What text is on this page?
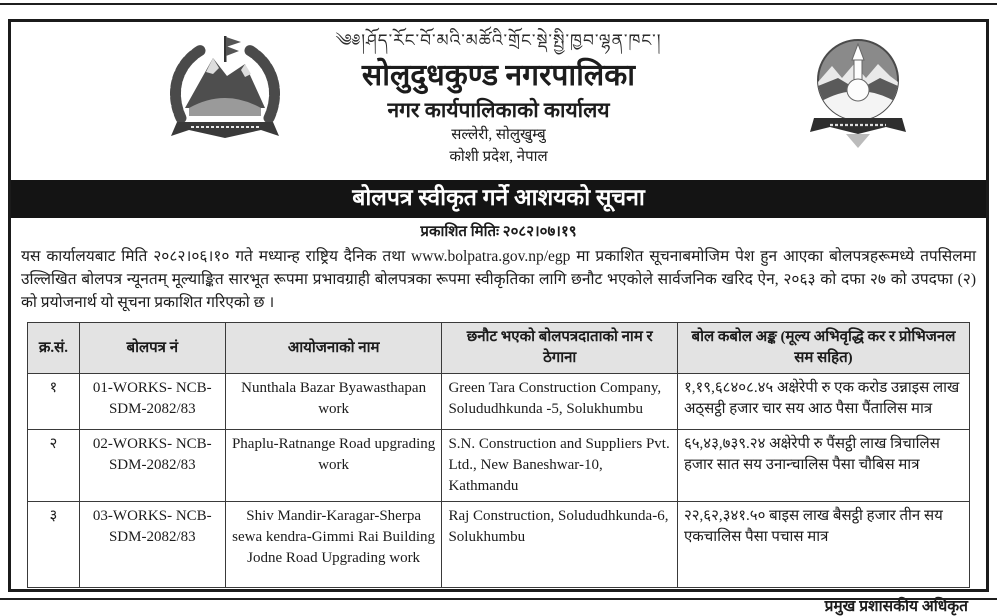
༄༅།ཤོད་རོང་བོ་མའི་མཚོའི་གྲོང་སྡེ་སྤྱི་ཁྱབ་ལྷན་ཁང་།
सोलुदुधकुण्ड नगरपालिका
नगर कार्यपालिकाको कार्यालय
सल्लेरी, सोलुखुम्बु
कोशी प्रदेश, नेपाल
बोलपत्र स्वीकृत गर्ने आशयको सूचना
प्रकाशित मितिः २०८२।०७।१९
यस कार्यालयबाट मिति २०८२।०६।१० गते मध्यान्ह राष्ट्रिय दैनिक तथा www.bolpatra.gov.np/egp मा प्रकाशित सूचनाबमोजिम पेश हुन आएका बोलपत्रहरूमध्ये तपसिलमा उल्लिखित बोलपत्र न्यूनतम् मूल्याङ्कित सारभूत रूपमा प्रभावग्राही बोलपत्रका रूपमा स्वीकृतिका लागि छनौट भएकोले सार्वजनिक खरिद ऐन, २०६३ को दफा २७ को उपदफा (२) को प्रयोजनार्थ यो सूचना प्रकाशित गरिएको छ ।
क्र.सं.	बोलपत्र नं	आयोजनाको नाम	छनौट भएको बोलपत्रदाताको नाम र ठेगाना	बोल कबोल अङ्क (मूल्य अभिवृद्धि कर र प्रोभिजनल सम सहित)
१	01-WORKS- NCB-SDM-2082/83	Nunthala Bazar Byawasthapan work	Green Tara Construction Company, Solududhkunda -5, Solukhumbu	१,१९,६८४०८.४५ अक्षेरेपी रु एक करोड उन्नाइस लाख अठ्सट्ठी हजार चार सय आठ पैसा पैंतालिस मात्र
२	02-WORKS- NCB-SDM-2082/83	Phaplu-Ratnange Road upgrading work	S.N. Construction and Suppliers Pvt. Ltd., New Baneshwar-10, Kathmandu	६५,४३,७३९.२४ अक्षेरेपी रु पैंसट्ठी लाख त्रिचालिस हजार सात सय उनान्चालिस पैसा चौबिस मात्र
३	03-WORKS- NCB-SDM-2082/83	Shiv Mandir-Karagar-Sherpa sewa kendra-Gimmi Rai Building Jodne Road Upgrading work	Raj Construction, Solududhkunda-6, Solukhumbu	२२,६२,३४१.५० बाइस लाख बैसट्ठी हजार तीन सय एकचालिस पैसा पचास मात्र
प्रमुख प्रशासकीय अधिकृत
